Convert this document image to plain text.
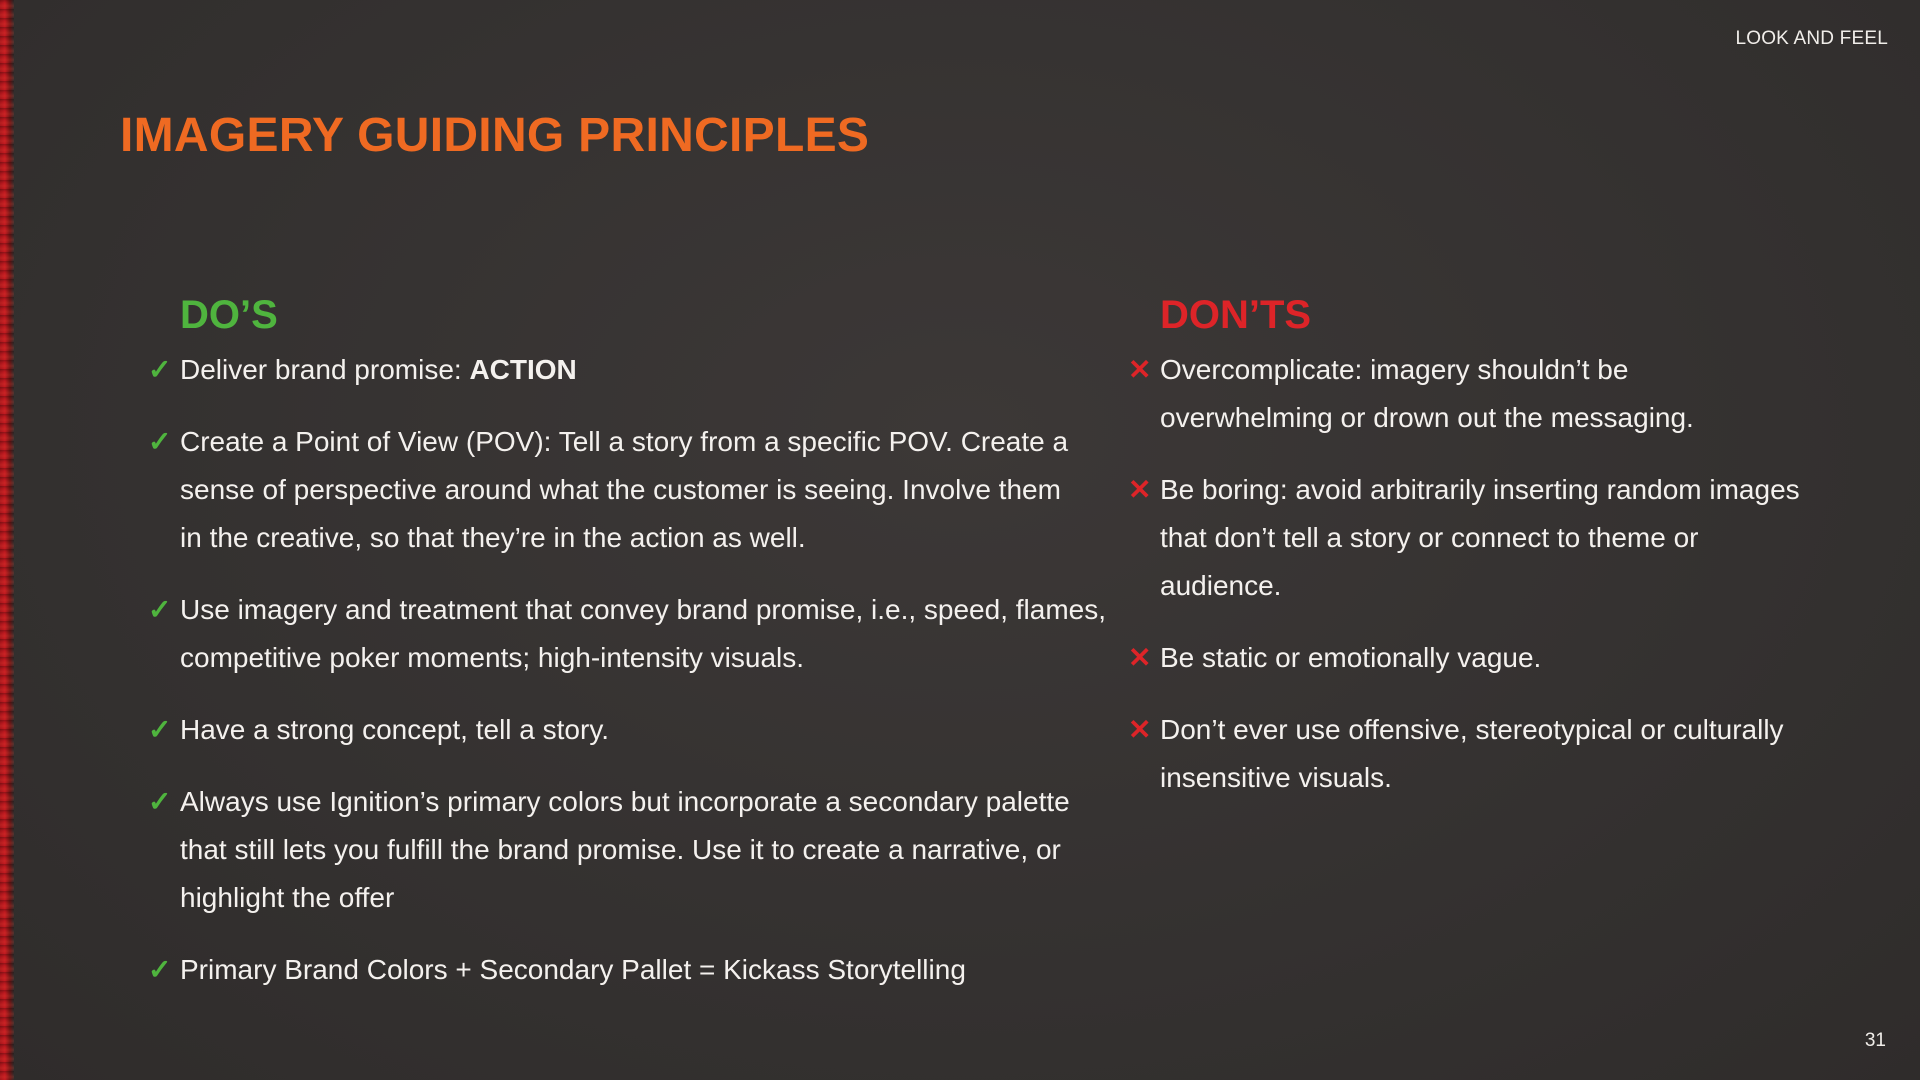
LOOK AND FEEL
IMAGERY GUIDING PRINCIPLES
DO’S
✓ Deliver brand promise: ACTION
✓ Create a Point of View (POV): Tell a story from a specific POV. Create a sense of perspective around what the customer is seeing. Involve them in the creative, so that they’re in the action as well.
✓ Use imagery and treatment that convey brand promise, i.e., speed, flames, competitive poker moments; high-intensity visuals.
✓ Have a strong concept, tell a story.
✓ Always use Ignition’s primary colors but incorporate a secondary palette that still lets you fulfill the brand promise. Use it to create a narrative, or highlight the offer
✓ Primary Brand Colors + Secondary Pallet = Kickass Storytelling
DON’TS
✕ Overcomplicate: imagery shouldn’t be overwhelming or drown out the messaging.
✕ Be boring: avoid arbitrarily inserting random images that don’t tell a story or connect to theme or audience.
✕ Be static or emotionally vague.
✕ Don’t ever use offensive, stereotypical or culturally insensitive visuals.
31
